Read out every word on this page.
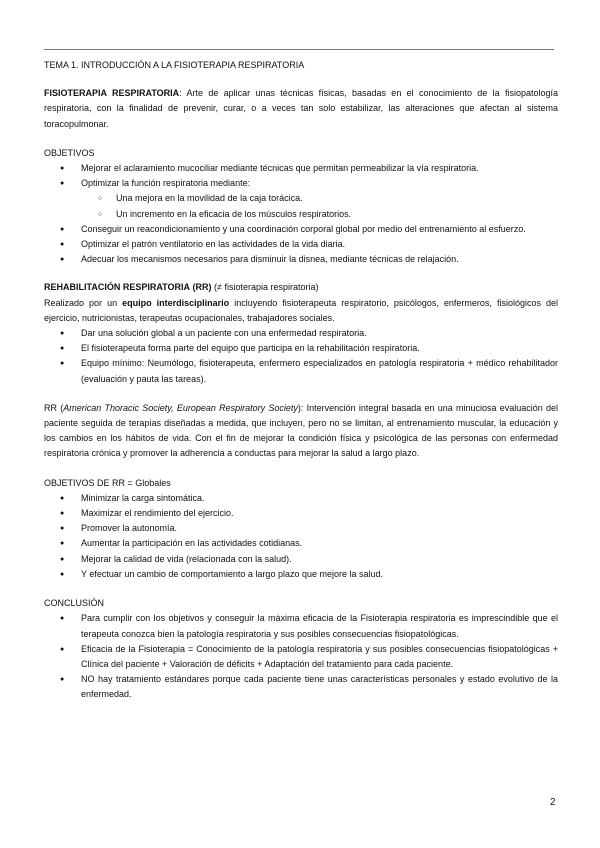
TEMA 1. INTRODUCCIÓN A LA FISIOTERAPIA RESPIRATORIA

FISIOTERAPIA RESPIRATORIA: Arte de aplicar unas técnicas físicas, basadas en el conocimiento de la fisiopatología respiratoria, con la finalidad de prevenir, curar, o a veces tan solo estabilizar, las alteraciones que afectan al sistema toracopulmonar.

OBJETIVOS

● Mejorar el aclaramiento mucociliar mediante técnicas que permitan permeabilizar la vía respiratoria.
● Optimizar la función respiratoria mediante:
○ Una mejora en la movilidad de la caja torácica.
○ Un incremento en la eficacia de los músculos respiratorios.
● Conseguir un reacondicionamiento y una coordinación corporal global por medio del entrenamiento al esfuerzo.
● Optimizar el patrón ventilatorio en las actividades de la vida diaria.
● Adecuar los mecanismos necesarios para disminuir la disnea, mediante técnicas de relajación.

REHABILITACIÓN RESPIRATORIA (RR) (≠ fisioterapia respiratoria)

Realizado por un equipo interdisciplinario incluyendo fisioterapeuta respiratorio, psicólogos, enfermeros, fisiológicos del ejercicio, nutricionistas, terapeutas ocupacionales, trabajadores sociales.

● Dar una solución global a un paciente con una enfermedad respiratoria.
● El fisioterapeuta forma parte del equipo que participa en la rehabilitación respiratoria.
● Equipo mínimo: Neumólogo, fisioterapeuta, enfermero especializados en patología respiratoria + médico rehabilitador (evaluación y pauta las tareas).

RR (American Thoracic Society, European Respiratory Society): Intervención integral basada en una minuciosa evaluación del paciente seguida de terapias diseñadas a medida, que incluyen, pero no se limitan, al entrenamiento muscular, la educación y los cambios en los hábitos de vida. Con el fin de mejorar la condición física y psicológica de las personas con enfermedad respiratoria crónica y promover la adherencia a conductas para mejorar la salud a largo plazo.

OBJETIVOS DE RR = Globales

● Minimizar la carga sintomática.
● Maximizar el rendimiento del ejercicio.
● Promover la autonomía.
● Aumentar la participación en las actividades cotidianas.
● Mejorar la calidad de vida (relacionada con la salud).
● Y efectuar un cambio de comportamiento a largo plazo que mejore la salud.

CONCLUSIÓN

● Para cumplir con los objetivos y conseguir la máxima eficacia de la Fisioterapia respiratoria es imprescindible que el terapeuta conozca bien la patología respiratoria y sus posibles consecuencias fisiopatológicas.
● Eficacia de la Fisioterapia = Conocimiento de la patología respiratoria y sus posibles consecuencias fisiopatológicas + Clínica del paciente + Valoración de déficits + Adaptación del tratamiento para cada paciente.
● NO hay tratamiento estándares porque cada paciente tiene unas características personales y estado evolutivo de la enfermedad.
2
